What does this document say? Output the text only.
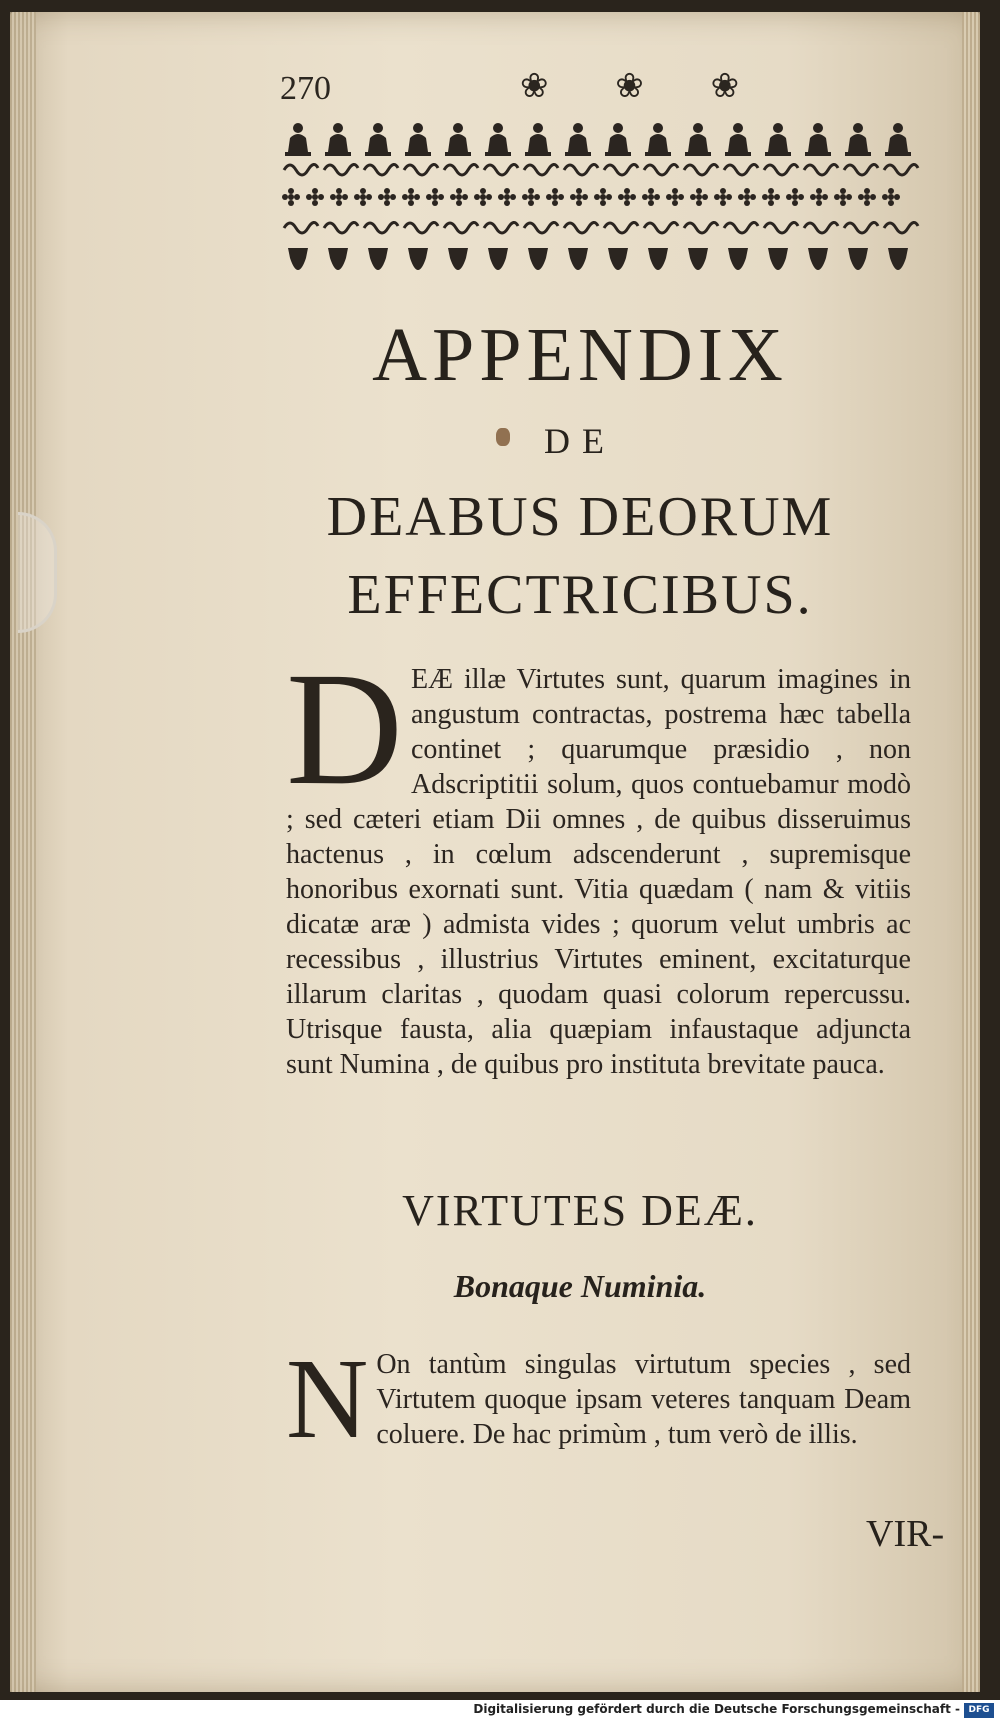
270	❀ ❀ ❀
APPENDIX
DE
DEABUS DEORUM
EFFECTRICIBUS.
D EÆ illæ Virtutes sunt, quarum imagines in angustum contractas, postrema hæc tabella continet ; quarumque præsidio , non Adscriptitii solum, quos contuebamur modò ; sed cæteri etiam Dii omnes , de quibus disseruimus hactenus , in cœlum adscenderunt , supremisque honoribus exornati sunt. Vitia quædam ( nam & vitiis dicatæ aræ ) admista vides ; quorum velut umbris ac recessibus , illustrius Virtutes eminent, excitaturque illarum claritas , quodam quasi colorum repercussu. Utrisque fausta, alia quæpiam infaustaque adjuncta sunt Numina , de quibus pro instituta brevitate pauca.
VIRTUTES DEÆ.
Bonaque Numinia.
N On tantùm singulas virtutum species , sed Virtutem quoque ipsam veteres tanquam Deam coluere. De hac primùm , tum verò de illis.
VIR-
Digitalisierung gefördert durch die Deutsche Forschungsgemeinschaft - DFG
